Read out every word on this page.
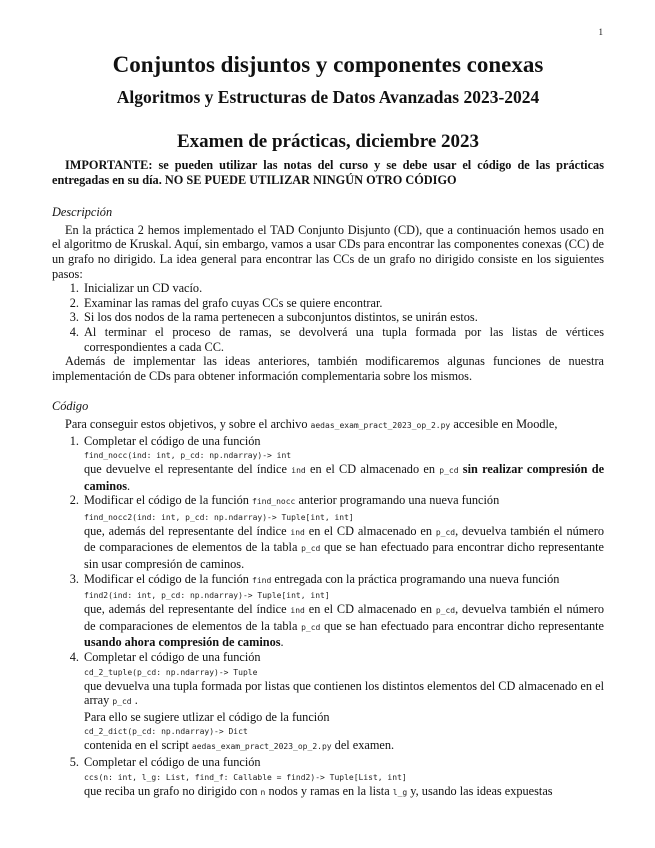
1
Conjuntos disjuntos y componentes conexas
Algoritmos y Estructuras de Datos Avanzadas 2023-2024
Examen de prácticas, diciembre 2023

IMPORTANTE: se pueden utilizar las notas del curso y se debe usar el código de las prácticas entregadas en su día. NO SE PUEDE UTILIZAR NINGÚN OTRO CÓDIGO

Descripción

En la práctica 2 hemos implementado el TAD Conjunto Disjunto (CD), que a continuación hemos usado en el algoritmo de Kruskal. Aquí, sin embargo, vamos a usar CDs para encontrar las componentes conexas (CC) de un grafo no dirigido. La idea general para encontrar las CCs de un grafo no dirigido consiste en los siguientes pasos:

1. Inicializar un CD vacío.
2. Examinar las ramas del grafo cuyas CCs se quiere encontrar.
3. Si los dos nodos de la rama pertenecen a subconjuntos distintos, se unirán estos.

4. Al terminar el proceso de ramas, se devolverá una tupla formada por las listas de vértices correspondientes a cada CC.

Además de implementar las ideas anteriores, también modificaremos algunas funciones de nuestra implementación de CDs para obtener información complementaria sobre los mismos.

Código

Para conseguir estos objetivos, y sobre el archivo aedas_exam_pract_2023_op_2.py accesible en Moodle,

1. Completar el código de una función
find_nocc(ind: int, p_cd: np.ndarray)-> int

que devuelve el representante del índice ind en el CD almacenado en p_cd sin realizar compresión de caminos.

2. Modificar el código de la función find_nocc anterior programando una nueva función
find_nocc2(ind: int, p_cd: np.ndarray)-> Tuple[int, int]

que, además del representante del índice ind en el CD almacenado en p_cd, devuelva también el número de comparaciones de elementos de la tabla p_cd que se han efectuado para encontrar dicho representante sin usar compresión de caminos.

3. Modificar el código de la función find entregada con la práctica programando una nueva función
find2(ind: int, p_cd: np.ndarray)-> Tuple[int, int]

que, además del representante del índice ind en el CD almacenado en p_cd, devuelva también el número de comparaciones de elementos de la tabla p_cd que se han efectuado para encontrar dicho representante usando ahora compresión de caminos.

4. Completar el código de una función
cd_2_tuple(p_cd: np.ndarray)-> Tuple

que devuelva una tupla formada por listas que contienen los distintos elementos del CD almacenado en el array p_cd .

Para ello se sugiere utlizar el código de la función

cd_2_dict(p_cd: np.ndarray)-> Dict

contenida en el script aedas_exam_pract_2023_op_2.py del examen.

5. Completar el código de una función
ccs(n: int, l_g: List, find_f: Callable = find2)-> Tuple[List, int]

que reciba un grafo no dirigido con n nodos y ramas en la lista l_g y, usando las ideas expuestas
